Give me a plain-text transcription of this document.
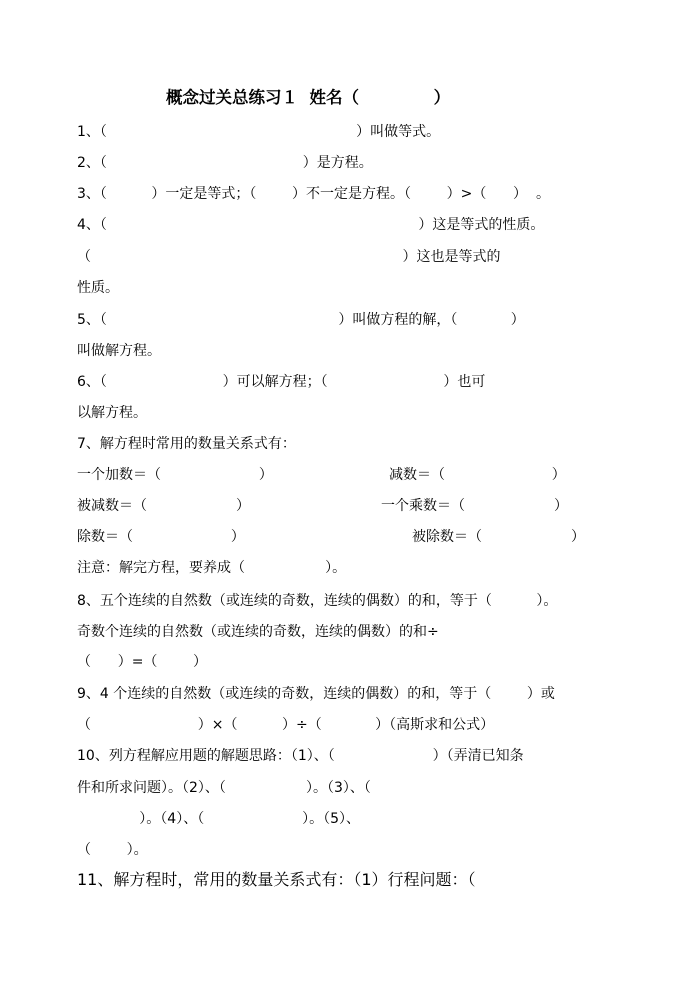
概念过关总练习１  姓名（             ）
1、（                                                        ）叫做等式。
2、（                                            ）是方程。
3、（          ）一定是等式；（        ）不一定是方程。（        ）>（      ）  。
4、（                                                                      ）这是等式的性质。
（                                                                      ）这也是等式的
性质。
5、（                                                    ）叫做方程的解，（            ）
叫做解方程。
6、（                          ）可以解方程；（                          ）也可
以解方程。
7、解方程时常用的数量关系式有：
一个加数＝（                      ）	减数＝（                        ）
被减数＝（                    ）	一个乘数＝（                    ）
除数＝（                      ）	被除数＝（                    ）
注意：解完方程，要养成（                  ）。
8、五个连续的自然数（或连续的奇数，连续的偶数）的和，等于（          ）。
奇数个连续的自然数（或连续的奇数，连续的偶数）的和÷
（      ）=（        ）
9、4 个连续的自然数（或连续的奇数，连续的偶数）的和，等于（        ）或
（                        ）×（          ）÷（            ）（高斯求和公式）
10、列方程解应用题的解题思路：（1）、（                      ）（弄清已知条
件和所求问题）。（2）、（                  ）。（3）、（
）。（4）、（                      ）。（5）、
（        ）。
11、解方程时，常用的数量关系式有：（1）行程问题：（
